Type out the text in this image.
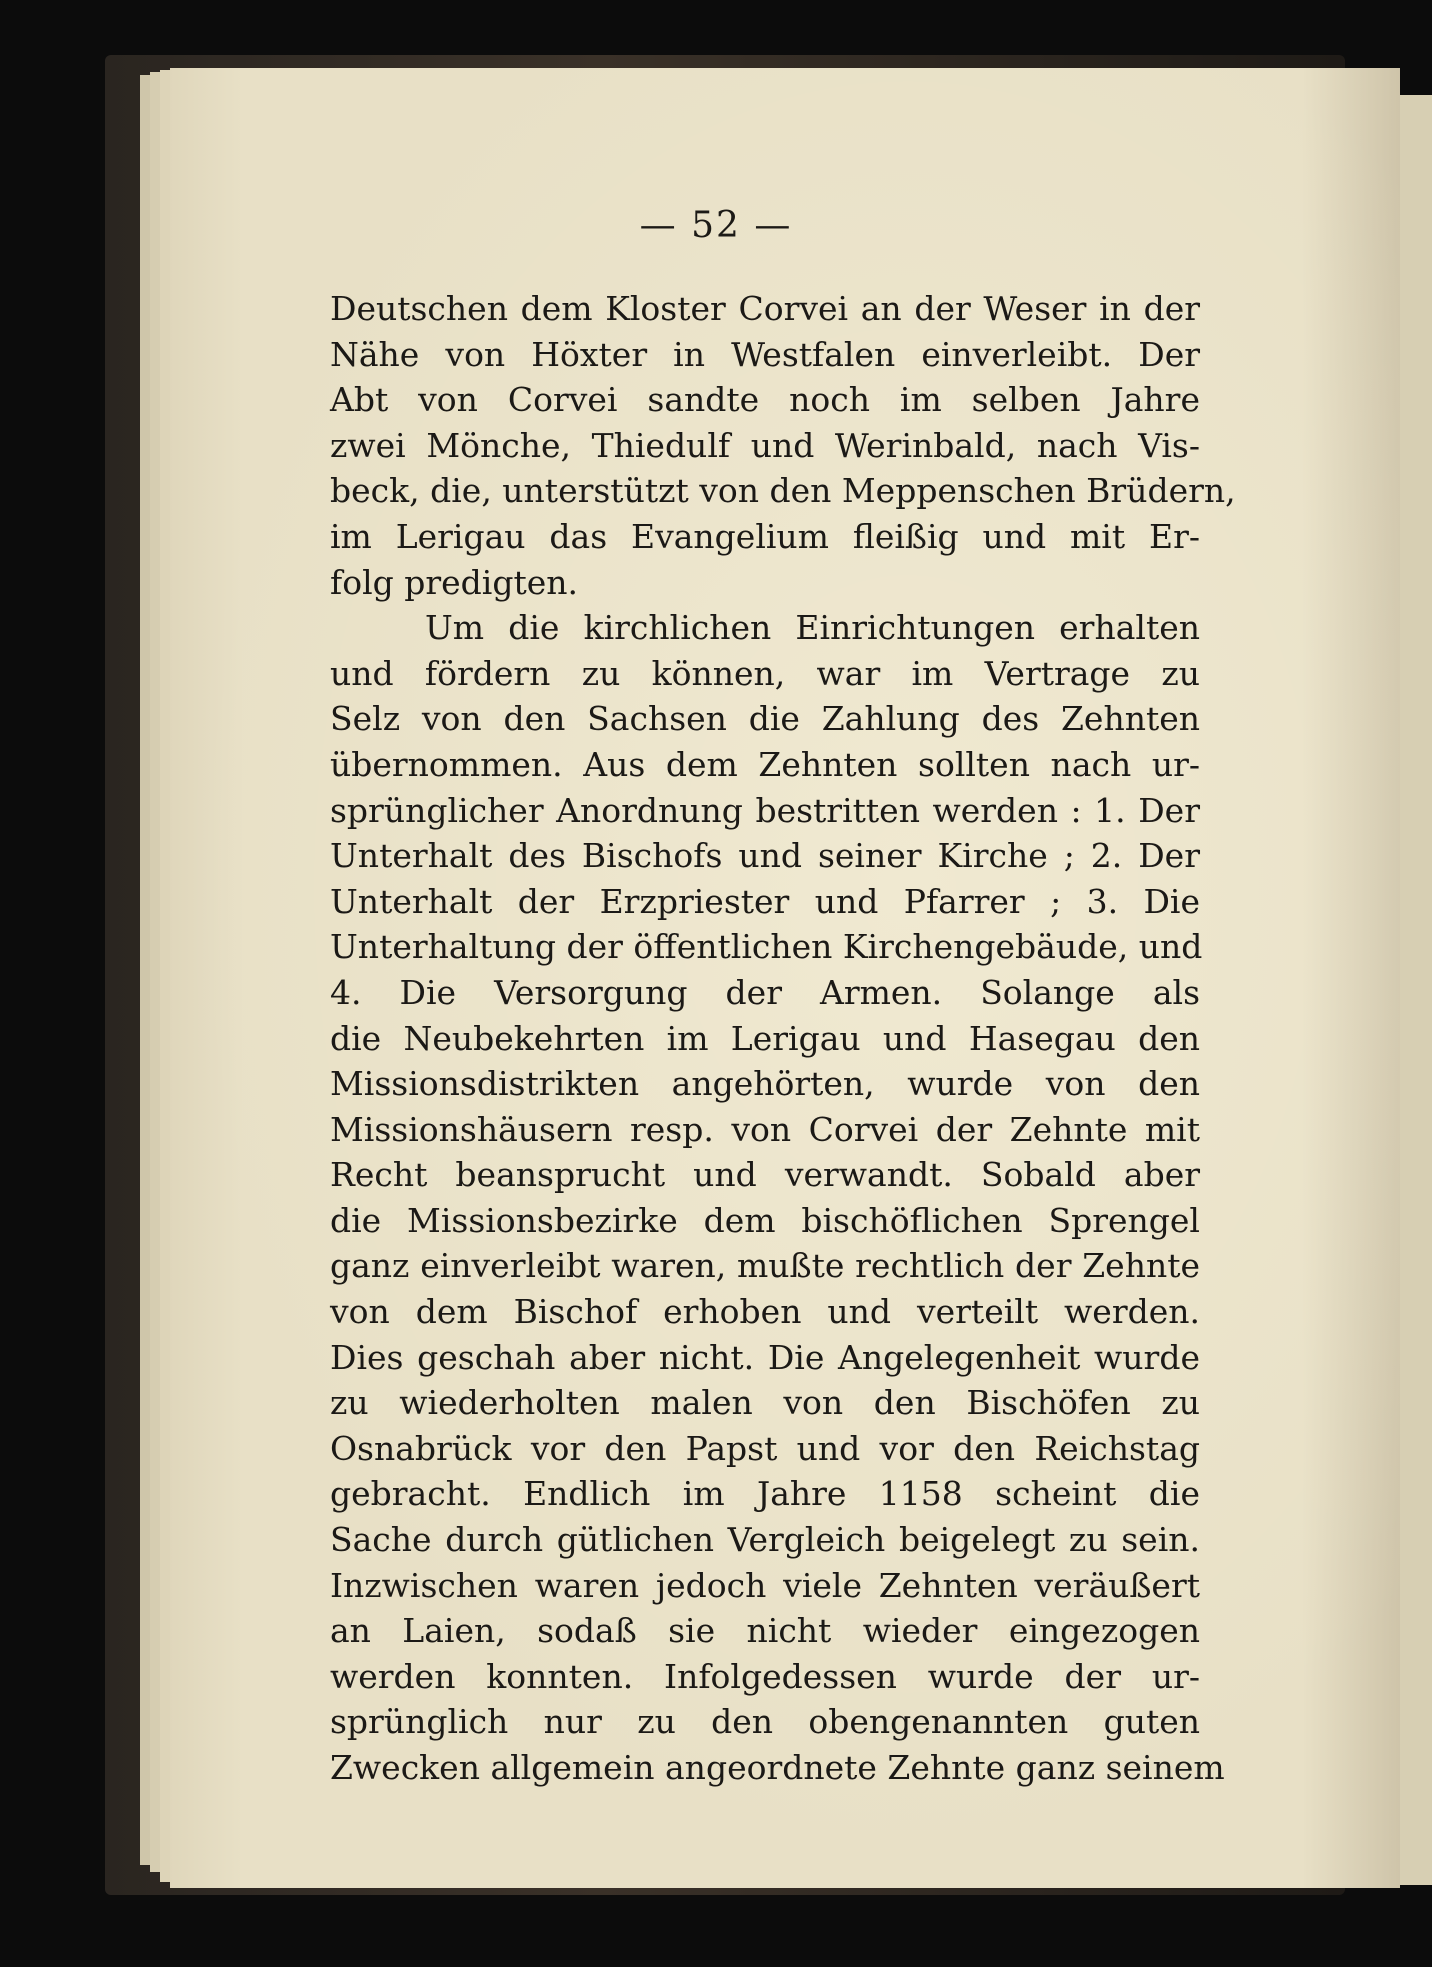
— 52 —
Deutschen dem Kloster Corvei an der Weser in der
Nähe von Höxter in Westfalen einverleibt. Der
Abt von Corvei sandte noch im selben Jahre
zwei Mönche, Thiedulf und Werinbald, nach Vis-
beck, die, unterstützt von den Meppenschen Brüdern,
im Lerigau das Evangelium fleißig und mit Er-
folg predigten.
Um die kirchlichen Einrichtungen erhalten
und fördern zu können, war im Vertrage zu
Selz von den Sachsen die Zahlung des Zehnten
übernommen. Aus dem Zehnten sollten nach ur-
sprünglicher Anordnung bestritten werden : 1. Der
Unterhalt des Bischofs und seiner Kirche ; 2. Der
Unterhalt der Erzpriester und Pfarrer ; 3. Die
Unterhaltung der öffentlichen Kirchengebäude, und
4. Die Versorgung der Armen. Solange als
die Neubekehrten im Lerigau und Hasegau den
Missionsdistrikten angehörten, wurde von den
Missionshäusern resp. von Corvei der Zehnte mit
Recht beansprucht und verwandt. Sobald aber
die Missionsbezirke dem bischöflichen Sprengel
ganz einverleibt waren, mußte rechtlich der Zehnte
von dem Bischof erhoben und verteilt werden.
Dies geschah aber nicht. Die Angelegenheit wurde
zu wiederholten malen von den Bischöfen zu
Osnabrück vor den Papst und vor den Reichstag
gebracht. Endlich im Jahre 1158 scheint die
Sache durch gütlichen Vergleich beigelegt zu sein.
Inzwischen waren jedoch viele Zehnten veräußert
an Laien, sodaß sie nicht wieder eingezogen
werden konnten. Infolgedessen wurde der ur-
sprünglich nur zu den obengenannten guten
Zwecken allgemein angeordnete Zehnte ganz seinem
